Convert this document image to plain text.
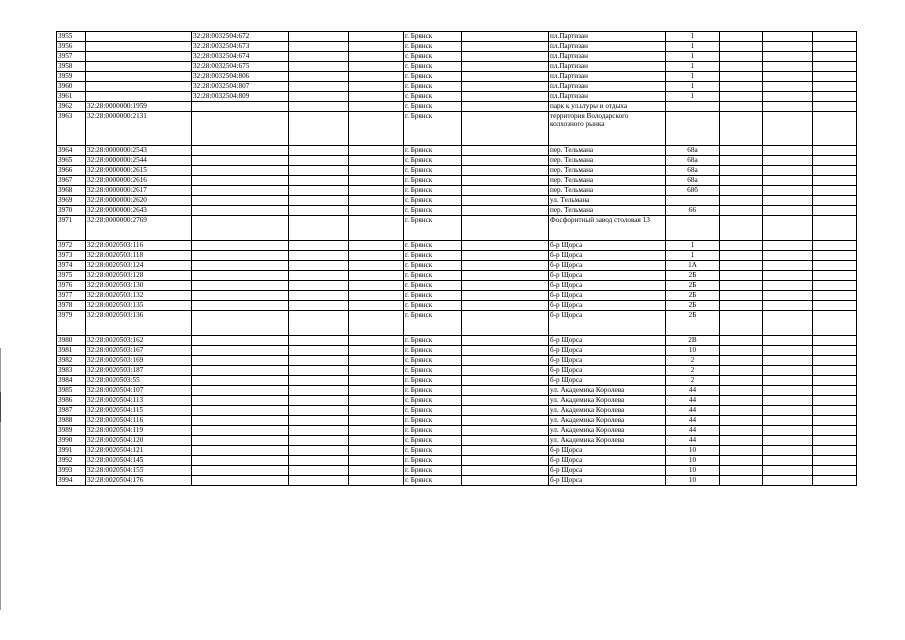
3955		32:28:0032504:672			г. Брянск		пл.Партизан	1			
3956		32:28:0032504:673			г. Брянск		пл.Партизан	1			
3957		32:28:0032504:674			г. Брянск		пл.Партизан	1			
3958		32:28:0032504:675			г. Брянск		пл.Партизан	1			
3959		32:28:0032504:806			г. Брянск		пл.Партизан	1			
3960		32:28:0032504:807			г. Брянск		пл.Партизан	1			
3961		32:28:0032504:809			г. Брянск		пл.Партизан	1			
3962	32:28:0000000:1959				г. Брянск		парк к ул.ьтуры и отдыха				
3963	32:28:0000000:2131				г. Брянск		территория Володарского колхозного рынка				
3964	32:28:0000000:2543				г. Брянск		пер. Тельмана	68а			
3965	32:28:0000000:2544				г. Брянск		пер. Тельмана	68а			
3966	32:28:0000000:2615				г. Брянск		пер. Тельмана	68а			
3967	32:28:0000000:2616				г. Брянск		пер. Тельмана	68а			
3968	32:28:0000000:2617				г. Брянск		пер. Тельмана	68б			
3969	32:28:0000000:2620				г. Брянск		ул. Тельмана				
3970	32:28:0000000:2643				г. Брянск		пер. Тельмана	66			
3971	32:28:0000000:2769				г. Брянск		Фосфоритный завод столовая 13				
3972	32:28:0020503:116				г. Брянск		б-р Щорса	1			
3973	32:28:0020503:118				г. Брянск		б-р Щорса	1			
3974	32:28:0020503:124				г. Брянск		б-р Щорса	1А			
3975	32:28:0020503:128				г. Брянск		б-р Щорса	2Б			
3976	32:28:0020503:130				г. Брянск		б-р Щорса	2Б			
3977	32:28:0020503:132				г. Брянск		б-р Щорса	2Б			
3978	32:28:0020503:135				г. Брянск		б-р Щорса	2Б			
3979	32:28:0020503:136				г. Брянск		б-р Щорса	2Б			
3980	32:28:0020503:162				г. Брянск		б-р Щорса	2В			
3981	32:28:0020503:167				г. Брянск		б-р Щорса	10			
3982	32:28:0020503:169				г. Брянск		б-р Щорса	2			
3983	32:28:0020503:187				г. Брянск		б-р Щорса	2			
3984	32:28:0020503:55				г. Брянск		б-р Щорса	2			
3985	32:28:0020504:107				г. Брянск		ул. Академика Королева	44			
3986	32:28:0020504:113				г. Брянск		ул. Академика Королева	44			
3987	32:28:0020504:115				г. Брянск		ул. Академика Королева	44			
3988	32:28:0020504:116				г. Брянск		ул. Академика Королева	44			
3989	32:28:0020504:119				г. Брянск		ул. Академика Королева	44			
3990	32:28:0020504:120				г. Брянск		ул. Академика Королева	44			
3991	32:28:0020504:121				г. Брянск		б-р Щорса	10			
3992	32:28:0020504:145				г. Брянск		б-р Щорса	10			
3993	32:28:0020504:155				г. Брянск		б-р Щорса	10			
3994	32:28:0020504:176				г. Брянск		б-р Щорса	10			
